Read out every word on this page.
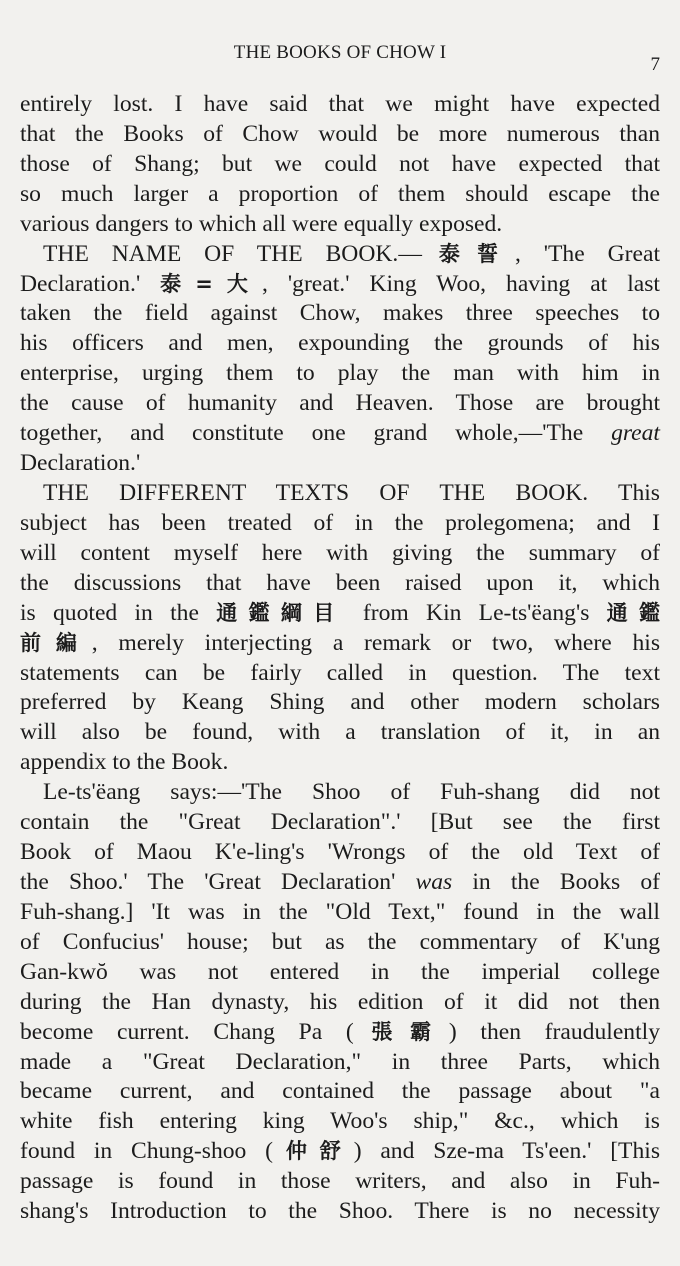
THE BOOKS OF CHOW I
7
entirely lost. I have said that we might have expected
that the Books of Chow would be more numerous than
those of Shang; but we could not have expected that
so much larger a proportion of them should escape the
various dangers to which all were equally exposed.
THE NAME OF THE BOOK.—泰誓, 'The Great
Declaration.' 泰=大, 'great.' King Woo, having at last
taken the field against Chow, makes three speeches to
his officers and men, expounding the grounds of his
enterprise, urging them to play the man with him in
the cause of humanity and Heaven. Those are brought
together, and constitute one grand whole,—'The great
Declaration.'
THE DIFFERENT TEXTS OF THE BOOK. This
subject has been treated of in the prolegomena; and I
will content myself here with giving the summary of
the discussions that have been raised upon it, which
is quoted in the 通鑑綱目 from Kin Le-ts'ëang's 通鑑
前編, merely interjecting a remark or two, where his
statements can be fairly called in question. The text
preferred by Keang Shing and other modern scholars
will also be found, with a translation of it, in an
appendix to the Book.
Le-ts'ëang says:—'The Shoo of Fuh-shang did not
contain the "Great Declaration".' [But see the first
Book of Maou K'e-ling's 'Wrongs of the old Text of
the Shoo.' The 'Great Declaration' was in the Books of
Fuh-shang.] 'It was in the "Old Text," found in the wall
of Confucius' house; but as the commentary of K'ung
Gan-kwŏ was not entered in the imperial college
during the Han dynasty, his edition of it did not then
become current. Chang Pa (張霸) then fraudulently
made a "Great Declaration," in three Parts, which
became current, and contained the passage about "a
white fish entering king Woo's ship," &c., which is
found in Chung-shoo (仲舒) and Sze-ma Ts'een.' [This
passage is found in those writers, and also in Fuh-
shang's Introduction to the Shoo. There is no necessity
